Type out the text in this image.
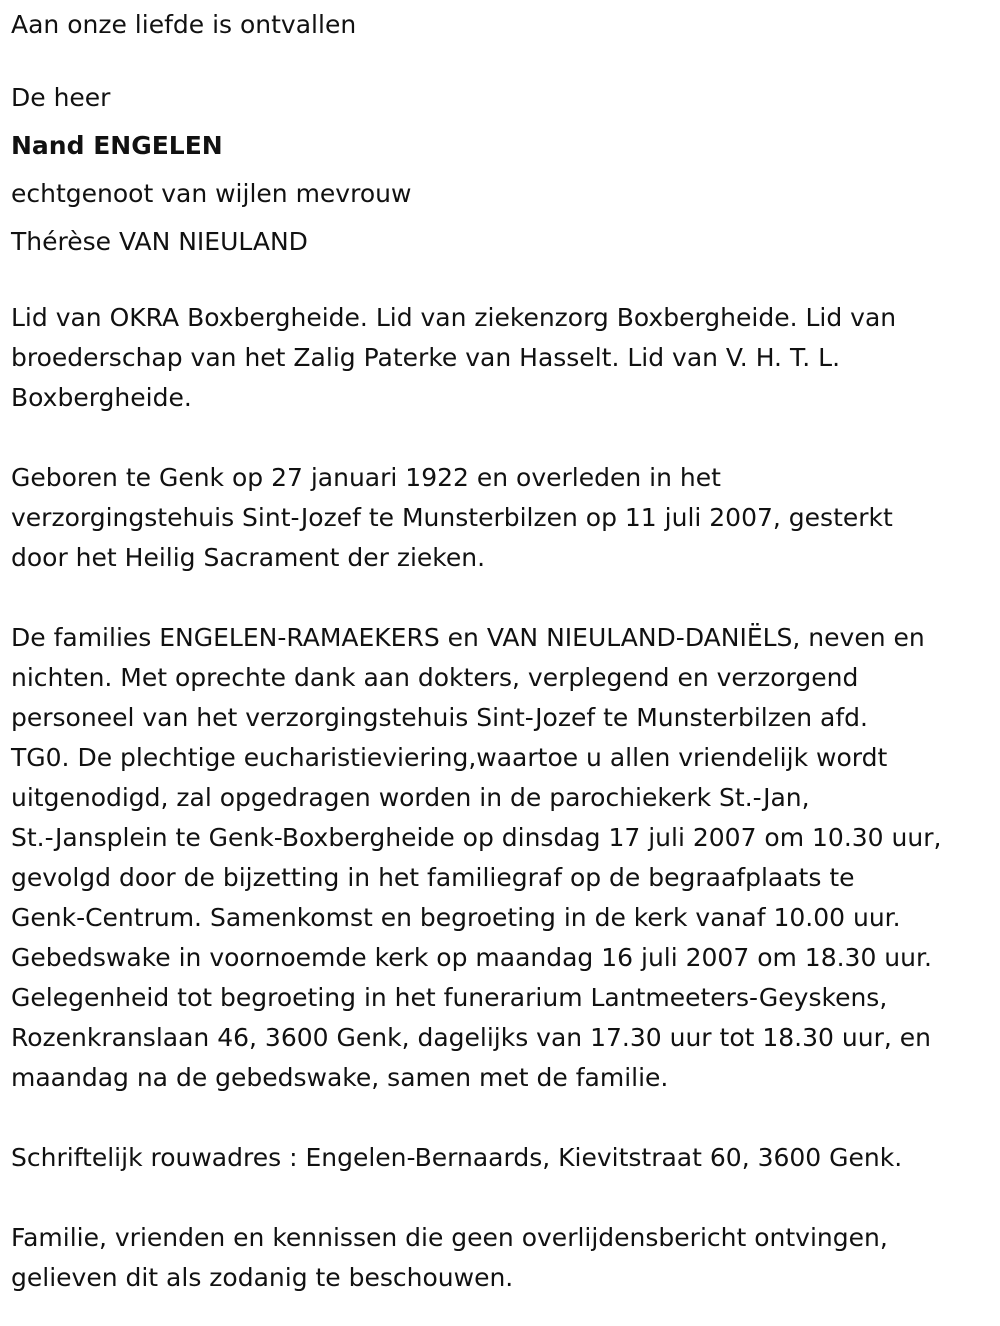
Aan onze liefde is ontvallen

De heer

Nand ENGELEN

echtgenoot van wijlen mevrouw

Thérèse VAN NIEULAND

Lid van OKRA Boxbergheide. Lid van ziekenzorg Boxbergheide. Lid van
broederschap van het Zalig Paterke van Hasselt. Lid van V. H. T. L.
Boxbergheide.
Geboren te Genk op 27 januari 1922 en overleden in het
verzorgingstehuis Sint-Jozef te Munsterbilzen op 11 juli 2007, gesterkt
door het Heilig Sacrament der zieken.
De families ENGELEN-RAMAEKERS en VAN NIEULAND-DANIËLS, neven en
nichten. Met oprechte dank aan dokters, verplegend en verzorgend
personeel van het verzorgingstehuis Sint-Jozef te Munsterbilzen afd.
TG0. De plechtige eucharistieviering,waartoe u allen vriendelijk wordt
uitgenodigd, zal opgedragen worden in de parochiekerk St.-Jan,
St.-Jansplein te Genk-Boxbergheide op dinsdag 17 juli 2007 om 10.30 uur,
gevolgd door de bijzetting in het familiegraf op de begraafplaats te
Genk-Centrum. Samenkomst en begroeting in de kerk vanaf 10.00 uur.
Gebedswake in voornoemde kerk op maandag 16 juli 2007 om 18.30 uur.
Gelegenheid tot begroeting in het funerarium Lantmeeters-Geyskens,
Rozenkranslaan 46, 3600 Genk, dagelijks van 17.30 uur tot 18.30 uur, en
maandag na de gebedswake, samen met de familie.
Schriftelijk rouwadres : Engelen-Bernaards, Kievitstraat 60, 3600 Genk.
Familie, vrienden en kennissen die geen overlijdensbericht ontvingen,
gelieven dit als zodanig te beschouwen.
